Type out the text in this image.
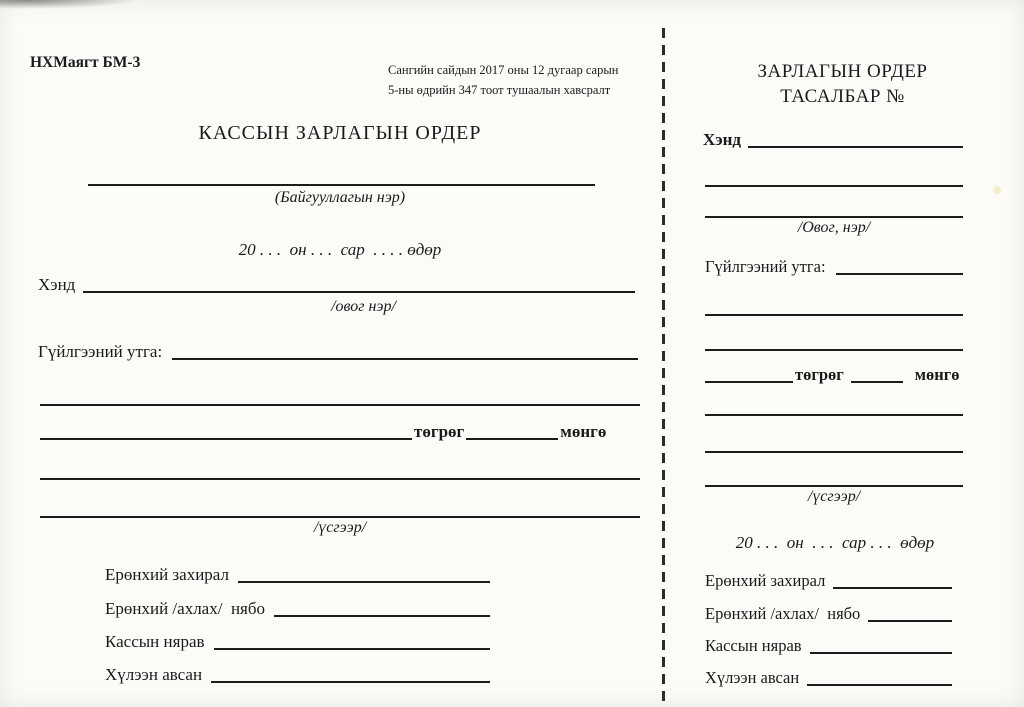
НХМаягт БМ-3	Сангийн сайдын 2017 оны 12 дугаар сарын
5-ны өдрийн 347 тоот тушаалын хавсралт
КАССЫН ЗАРЛАГЫН ОРДЕР
(Байгууллагын нэр)
20 . . .  он . . .  сар  . . . . өдөр
Хэнд
/овог нэр/
Гүйлгээний утга:
төгрөг	мөнгө
/үсгээр/
Ерөнхий захирал
Ерөнхий /ахлах/  нябо
Кассын нярав
Хүлээн авсан
ЗАРЛАГЫН ОРДЕР
ТАСАЛБАР №
Хэнд
/Овог, нэр/
Гүйлгээний утга:
төгрөг	мөнгө
/үсгээр/
20 . . .  он  . . .  сар . . .  өдөр
Ерөнхий захирал
Ерөнхий /ахлах/  нябо
Кассын нярав
Хүлээн авсан
